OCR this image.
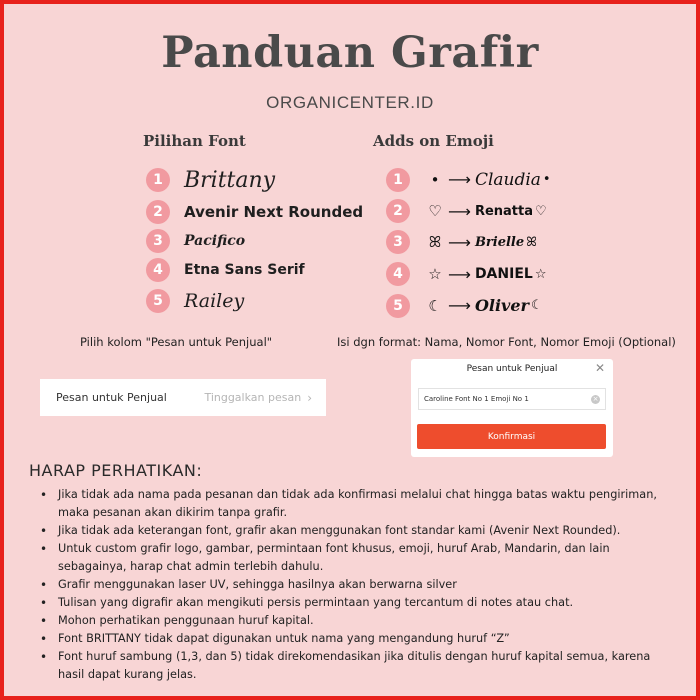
Panduan Grafir
ORGANICENTER.ID
Pilihan Font	Adds on Emoji
1 Brittany
2	Avenir Next Rounded
3	Pacifico
4	Etna Sans Serif
5	Railey
1	• ⟶ Claudia •
2	♡ ⟶ Renatta ♡
3	ꕤ ⟶ Brielle ꕤ
4	☆ ⟶ DANIEL ☆
5	☾ ⟶ Oliver ☾
Pilih kolom "Pesan untuk Penjual"	Isi dgn format: Nama, Nomor Font, Nomor Emoji (Optional)
Pesan untuk Penjual	Tinggalkan pesan ›
Pesan untuk Penjual	✕
Caroline Font No 1 Emoji No 1	×
Konfirmasi
HARAP PERHATIKAN:
• Jika tidak ada nama pada pesanan dan tidak ada konfirmasi melalui chat hingga batas waktu pengiriman, maka pesanan akan dikirim tanpa grafir.
• Jika tidak ada keterangan font, grafir akan menggunakan font standar kami (Avenir Next Rounded).
• Untuk custom grafir logo, gambar, permintaan font khusus, emoji, huruf Arab, Mandarin, dan lain sebagainya, harap chat admin terlebih dahulu.
• Grafir menggunakan laser UV, sehingga hasilnya akan berwarna silver
• Tulisan yang digrafir akan mengikuti persis permintaan yang tercantum di notes atau chat.
• Mohon perhatikan penggunaan huruf kapital.
• Font BRITTANY tidak dapat digunakan untuk nama yang mengandung huruf “Z”
• Font huruf sambung (1,3, dan 5) tidak direkomendasikan jika ditulis dengan huruf kapital semua, karena hasil dapat kurang jelas.
